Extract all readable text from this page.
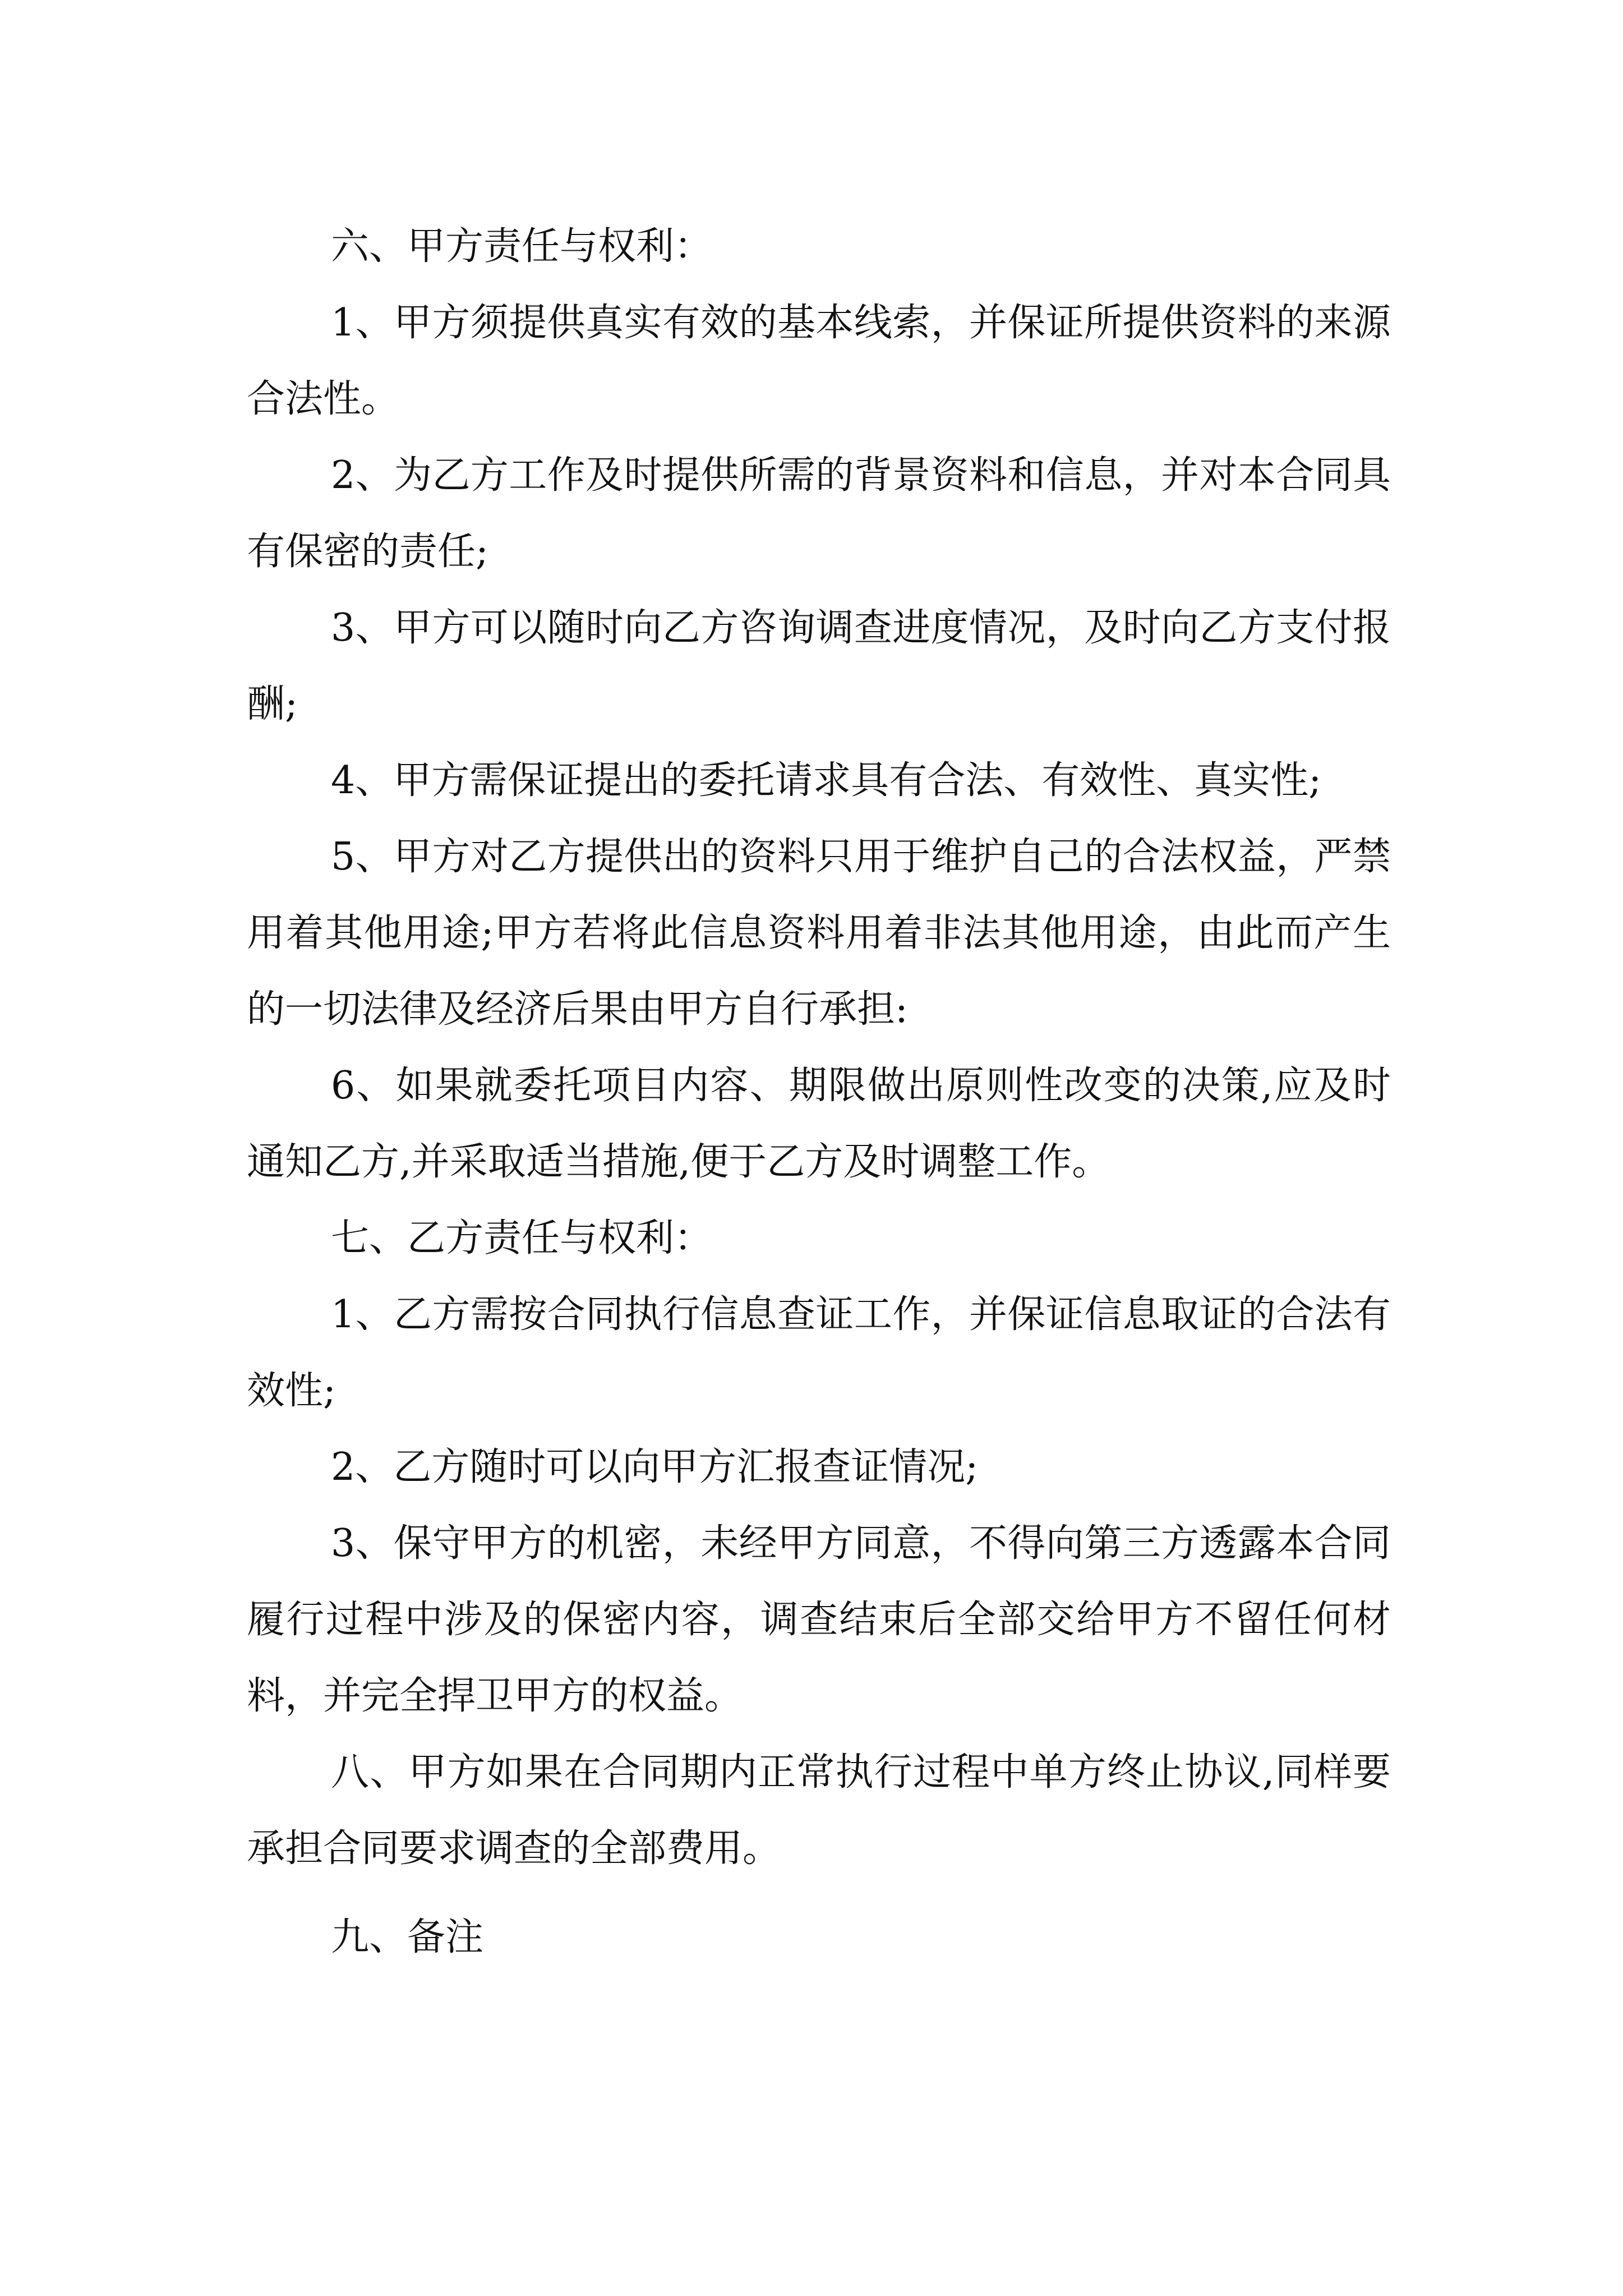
六、甲方责任与权利：

1、甲方须提供真实有效的基本线索，并保证所提供资料的来源合法性。

2、为乙方工作及时提供所需的背景资料和信息，并对本合同具有保密的责任;

3、甲方可以随时向乙方咨询调查进度情况，及时向乙方支付报酬;

4、甲方需保证提出的委托请求具有合法、有效性、真实性;

5、甲方对乙方提供出的资料只用于维护自己的合法权益，严禁用着其他用途;甲方若将此信息资料用着非法其他用途，由此而产生的一切法律及经济后果由甲方自行承担:

6、如果就委托项目内容、期限做出原则性改变的决策,应及时通知乙方,并采取适当措施,便于乙方及时调整工作。

七、乙方责任与权利：

1、乙方需按合同执行信息查证工作，并保证信息取证的合法有效性;

2、乙方随时可以向甲方汇报查证情况;

3、保守甲方的机密，未经甲方同意，不得向第三方透露本合同履行过程中涉及的保密内容，调查结束后全部交给甲方不留任何材料，并完全捍卫甲方的权益。

八、甲方如果在合同期内正常执行过程中单方终止协议,同样要承担合同要求调查的全部费用。

九、备注
